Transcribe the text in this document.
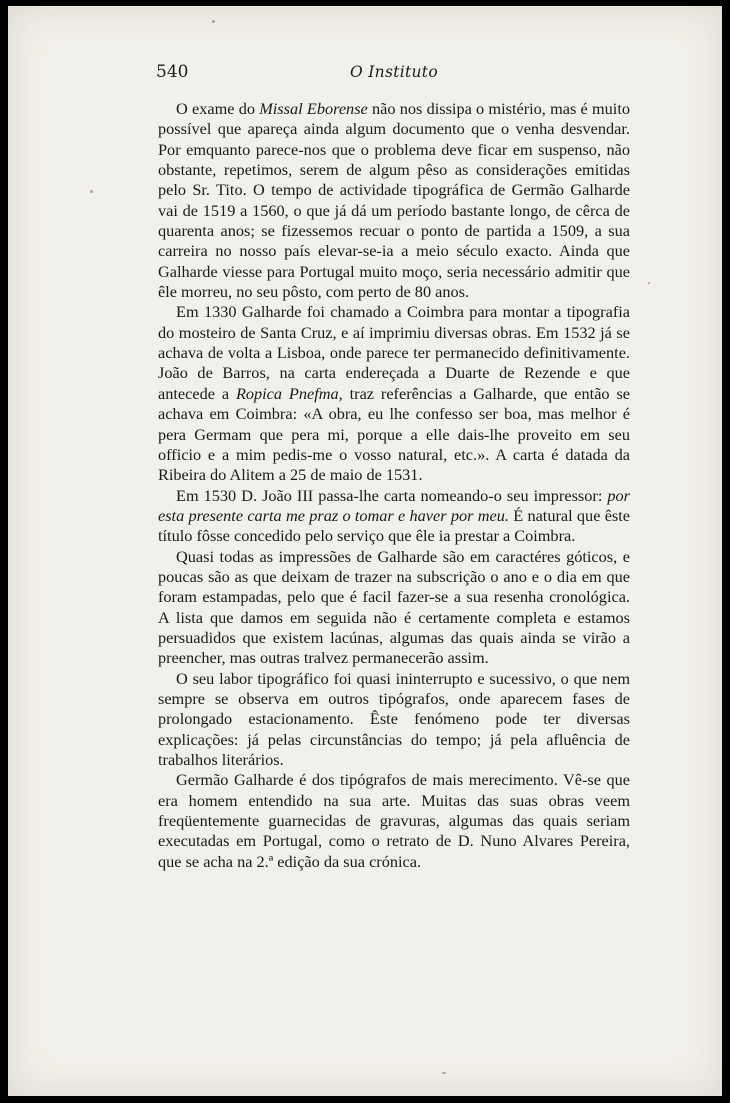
540	O Instituto

O exame do Missal Eborense não nos dissipa o mistério, mas é muito possível que apareça ainda algum documento que o venha desvendar. Por emquanto parece-nos que o problema deve ficar em suspenso, não obstante, repetimos, serem de algum pêso as considerações emitidas pelo Sr. Tito. O tempo de actividade tipográfica de Germão Galharde vai de 1519 a 1560, o que já dá um período bastante longo, de cêrca de quarenta anos; se fizessemos recuar o ponto de partida a 1509, a sua carreira no nosso país elevar-se-ia a meio século exacto. Ainda que Galharde viesse para Portugal muito moço, seria necessário admitir que êle morreu, no seu pôsto, com perto de 80 anos.

Em 1330 Galharde foi chamado a Coimbra para montar a tipografia do mosteiro de Santa Cruz, e aí imprimiu diversas obras. Em 1532 já se achava de volta a Lisboa, onde parece ter permanecido definitivamente. João de Barros, na carta endereçada a Duarte de Rezende e que antecede a Ropica Pnefma, traz referências a Galharde, que então se achava em Coimbra: «A obra, eu lhe confesso ser boa, mas melhor é pera Germam que pera mi, porque a elle dais-lhe proveito em seu officio e a mim pedis-me o vosso natural, etc.». A carta é datada da Ribeira do Alitem a 25 de maio de 1531.

Em 1530 D. João III passa-lhe carta nomeando-o seu impressor: por esta presente carta me praz o tomar e haver por meu. É natural que êste título fôsse concedido pelo serviço que êle ia prestar a Coimbra.

Quasi todas as impressões de Galharde são em caractéres góticos, e poucas são as que deixam de trazer na subscrição o ano e o dia em que foram estampadas, pelo que é facil fazer-se a sua resenha cronológica. A lista que damos em seguida não é certamente completa e estamos persuadidos que existem lacúnas, algumas das quais ainda se virão a preencher, mas outras tralvez permanecerão assim.

O seu labor tipográfico foi quasi ininterrupto e sucessivo, o que nem sempre se observa em outros tipógrafos, onde aparecem fases de prolongado estacionamento. Êste fenómeno pode ter diversas explicações: já pelas circunstâncias do tempo; já pela afluência de trabalhos literários.

Germão Galharde é dos tipógrafos de mais merecimento. Vê-se que era homem entendido na sua arte. Muitas das suas obras veem freqüentemente guarnecidas de gravuras, algumas das quais seriam executadas em Portugal, como o retrato de D. Nuno Alvares Pereira, que se acha na 2.ª edição da sua crónica.
